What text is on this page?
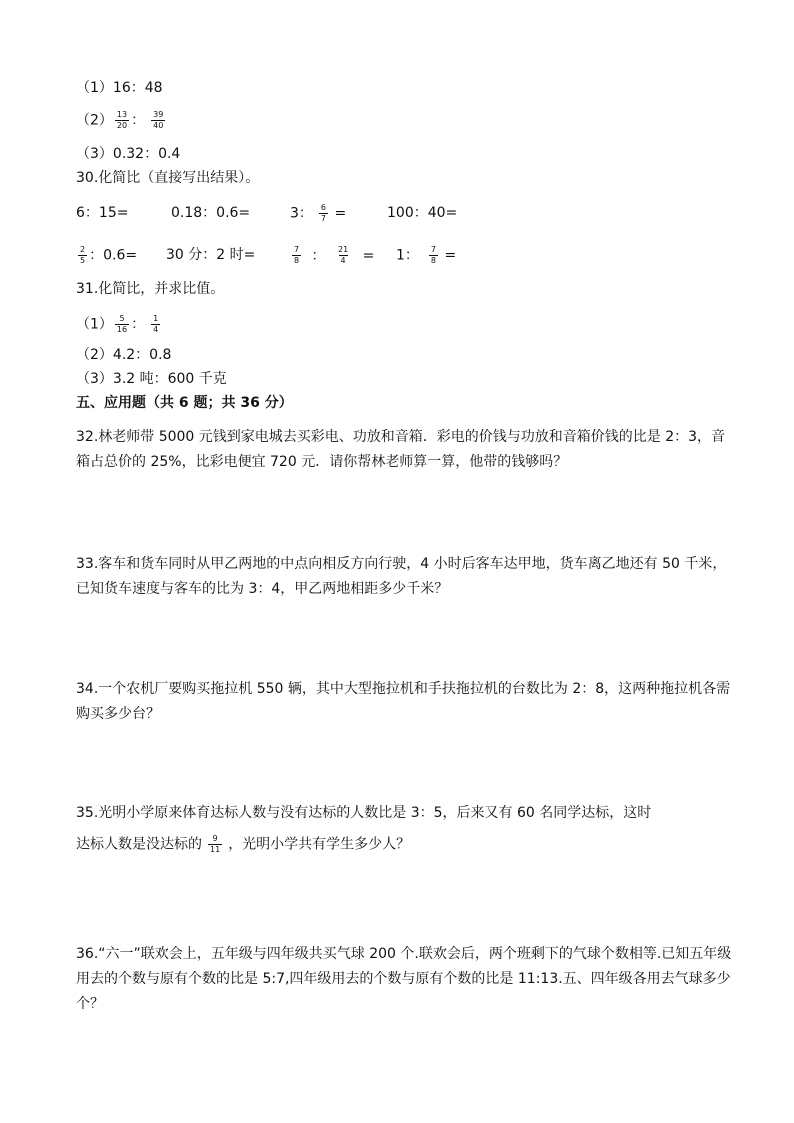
（1）16：48
$(2) \frac{13}{20}$ ： $\frac{39}{40}$
（3）0.32：0.4
30.化简比（直接写出结果）。
6：15=	0.18：0.6=	3： $\frac{6}{7}$ =	100：40=
$\frac{2}{5}$ ：0.6= 30 分：2 时=	$\frac{7}{8}$ ： $\frac{21}{4} = 1$： $\frac{7}{8}$ =
31.化简比，并求比值。
$(1) \frac{5}{16}$ ： $\frac{1}{4}$
（2）4.2：0.8
（3）3.2 吨：600 千克
五、应用题（共 6 题；共 36 分）
32.林老师带 5000 元钱到家电城去买彩电、功放和音箱．彩电的价钱与功放和音箱价钱的比是 2：3，音箱占总价的 25%，比彩电便宜 720 元．请你帮林老师算一算，他带的钱够吗？
33.客车和货车同时从甲乙两地的中点向相反方向行驶，4 小时后客车达甲地，货车离乙地还有 50 千米，已知货车速度与客车的比为 3：4，甲乙两地相距多少千米？
34.一个农机厂要购买拖拉机 550 辆，其中大型拖拉机和手扶拖拉机的台数比为 2：8，这两种拖拉机各需购买多少台？
35.光明小学原来体育达标人数与没有达标的人数比是 3：5，后来又有 60 名同学达标，这时
达标人数是没达标的 $\frac{9}{11}$ ，光明小学共有学生多少人？
36.“六一”联欢会上，五年级与四年级共买气球 200 个.联欢会后，两个班剩下的气球个数相等.已知五年级用去的个数与原有个数的比是 5:7,四年级用去的个数与原有个数的比是 11:13.五、四年级各用去气球多少个？
